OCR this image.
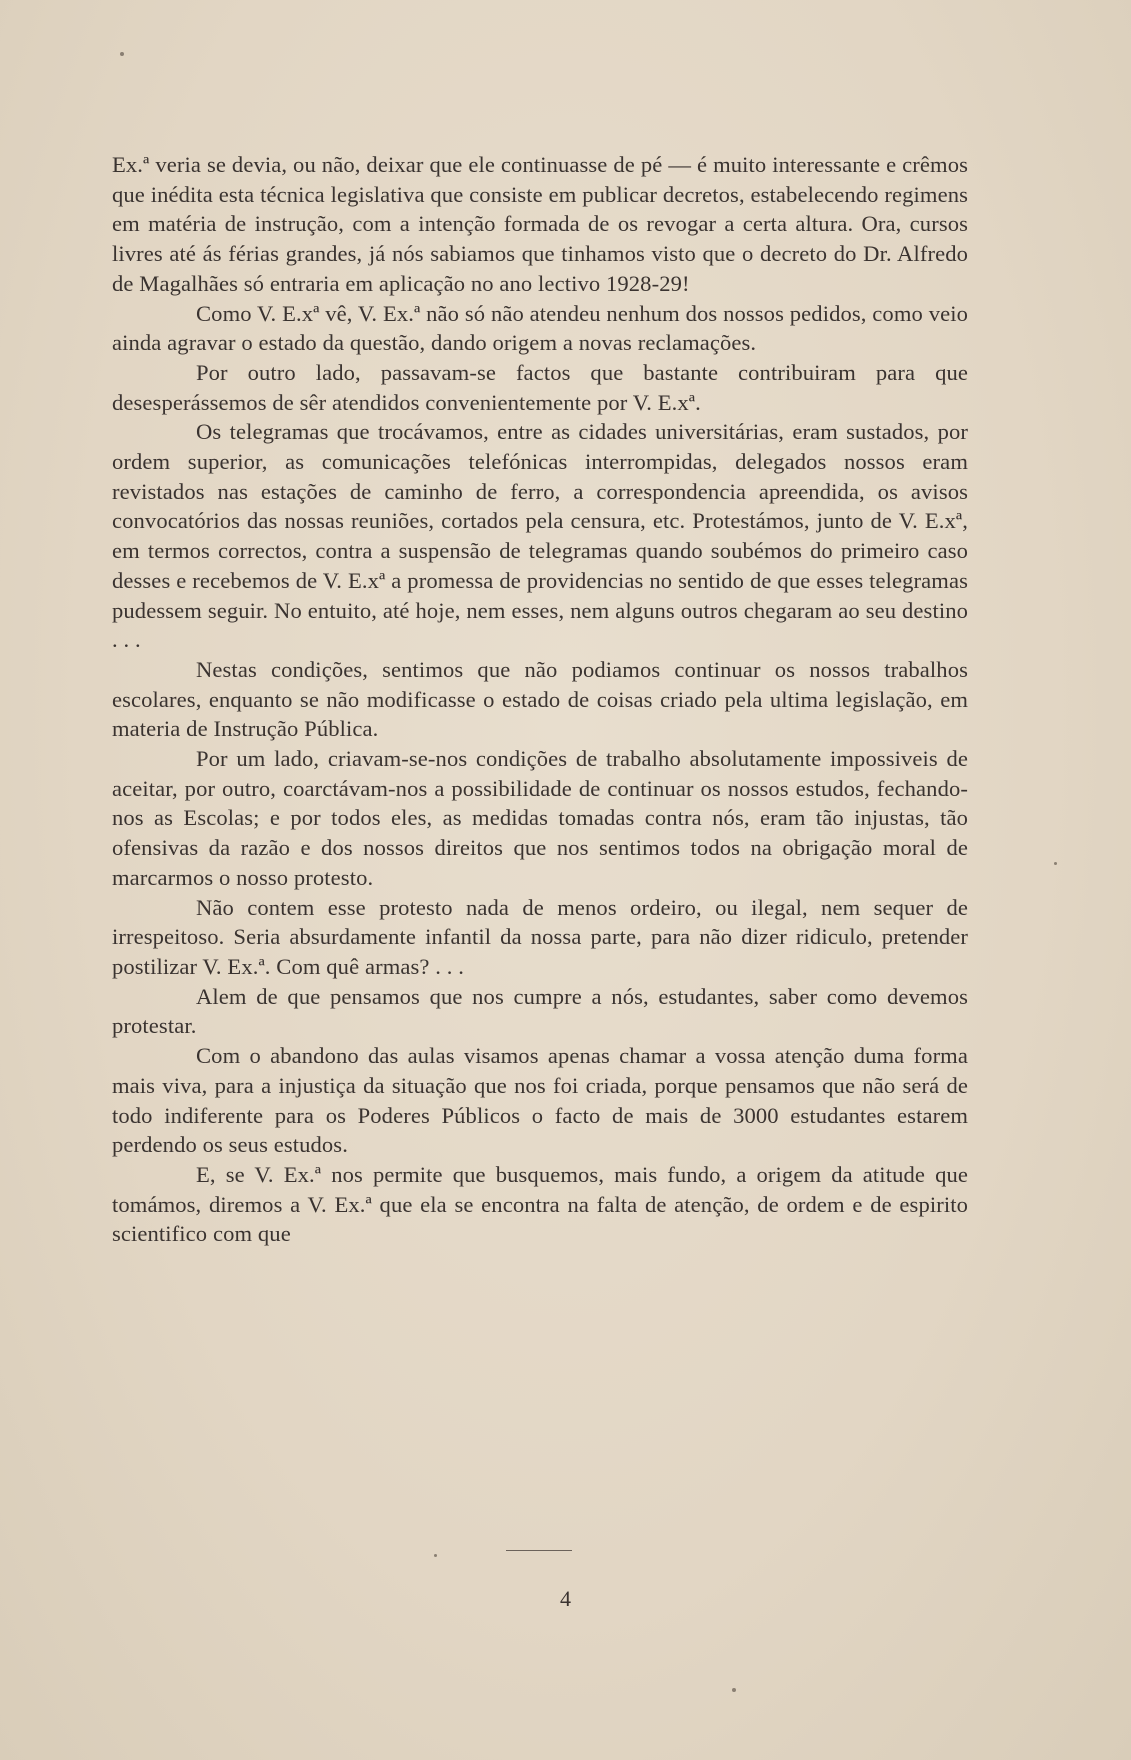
Ex.ª veria se devia, ou não, deixar que ele continuasse de pé — é muito interessante e crêmos que inédita esta técnica legislativa que consiste em publicar decretos, estabelecendo regimens em matéria de instrução, com a intenção formada de os revogar a certa altura. Ora, cursos livres até ás férias grandes, já nós sabiamos que tinhamos visto que o decreto do Dr. Alfredo de Magalhães só entraria em aplicação no ano lectivo 1928-29!

Como V. E.xª vê, V. Ex.ª não só não atendeu nenhum dos nossos pedidos, como veio ainda agravar o estado da questão, dando origem a novas reclamações.

Por outro lado, passavam-se factos que bastante contribuiram para que desesperássemos de sêr atendidos convenientemente por V. E.xª.

Os telegramas que trocávamos, entre as cidades universitárias, eram sustados, por ordem superior, as comunicações telefónicas interrompidas, delegados nossos eram revistados nas estações de caminho de ferro, a correspondencia apreendida, os avisos convocatórios das nossas reuniões, cortados pela censura, etc. Protestámos, junto de V. E.xª, em termos correctos, contra a suspensão de telegramas quando soubémos do primeiro caso desses e recebemos de V. E.xª a promessa de providencias no sentido de que esses telegramas pudessem seguir. No entuito, até hoje, nem esses, nem alguns outros chegaram ao seu destino . . .

Nestas condições, sentimos que não podiamos continuar os nossos trabalhos escolares, enquanto se não modificasse o estado de coisas criado pela ultima legislação, em materia de Instrução Pública.

Por um lado, criavam-se-nos condições de trabalho absolutamente impossiveis de aceitar, por outro, coarctávam-nos a possibilidade de continuar os nossos estudos, fechando-nos as Escolas; e por todos eles, as medidas tomadas contra nós, eram tão injustas, tão ofensivas da razão e dos nossos direitos que nos sentimos todos na obrigação moral de marcarmos o nosso protesto.

Não contem esse protesto nada de menos ordeiro, ou ilegal, nem sequer de irrespeitoso. Seria absurdamente infantil da nossa parte, para não dizer ridiculo, pretender postilizar V. Ex.ª. Com quê armas? . . .

Alem de que pensamos que nos cumpre a nós, estudantes, saber como devemos protestar.

Com o abandono das aulas visamos apenas chamar a vossa atenção duma forma mais viva, para a injustiça da situação que nos foi criada, porque pensamos que não será de todo indiferente para os Poderes Públicos o facto de mais de 3000 estudantes estarem perdendo os seus estudos.

E, se V. Ex.ª nos permite que busquemos, mais fundo, a origem da atitude que tomámos, diremos a V. Ex.ª que ela se encontra na falta de atenção, de ordem e de espirito scientifico com que

4
